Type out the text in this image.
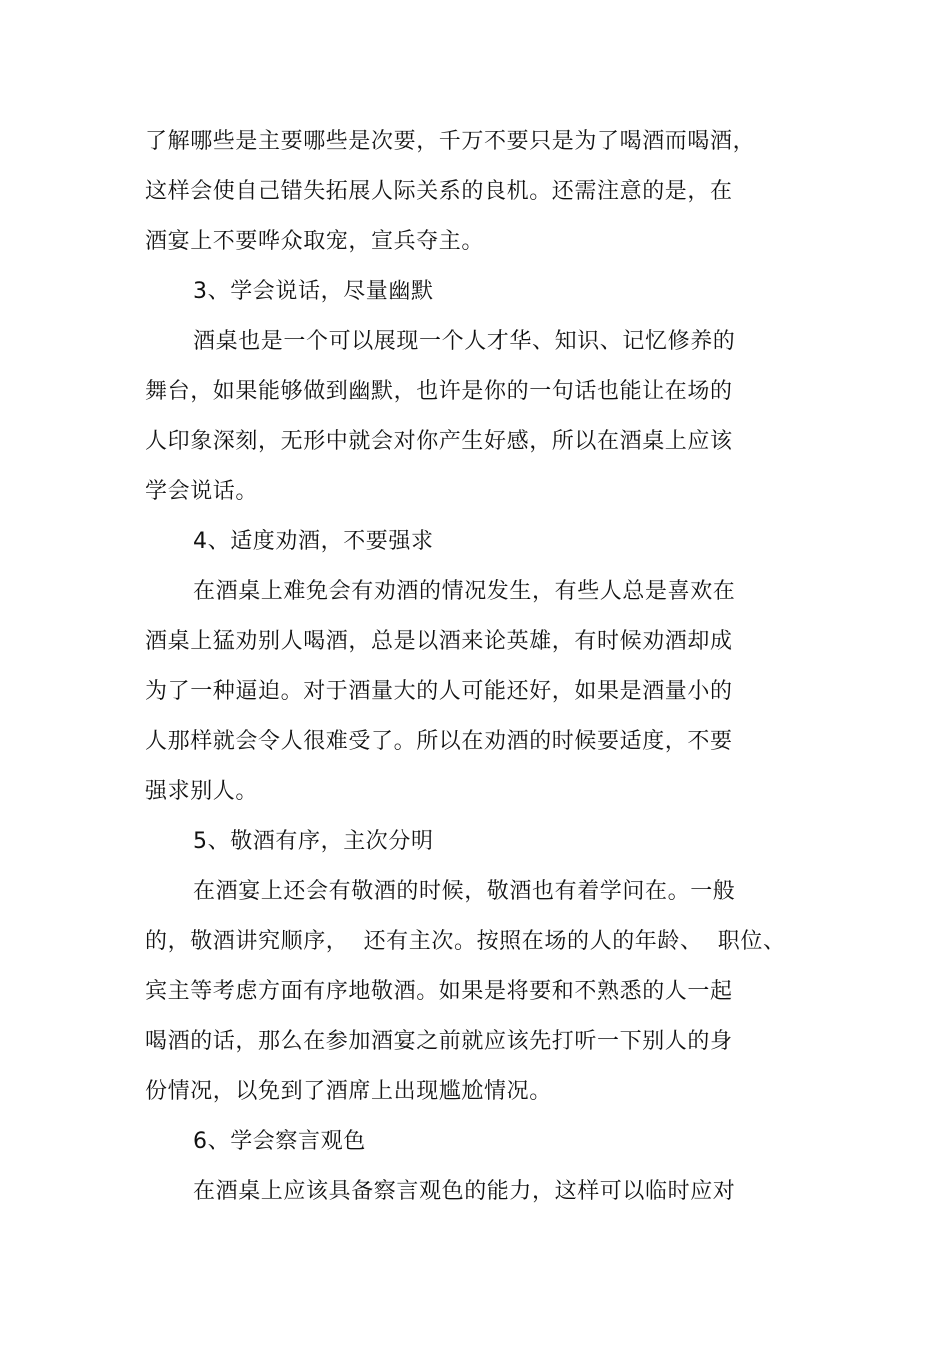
了解哪些是主要哪些是次要，千万不要只是为了喝酒而喝酒，
这样会使自己错失拓展人际关系的良机。还需注意的是，在
酒宴上不要哗众取宠，宣兵夺主。
3、学会说话，尽量幽默
酒桌也是一个可以展现一个人才华、知识、记忆修养的
舞台，如果能够做到幽默，也许是你的一句话也能让在场的
人印象深刻，无形中就会对你产生好感，所以在酒桌上应该
学会说话。
4、适度劝酒，不要强求
在酒桌上难免会有劝酒的情况发生，有些人总是喜欢在
酒桌上猛劝别人喝酒，总是以酒来论英雄，有时候劝酒却成
为了一种逼迫。对于酒量大的人可能还好，如果是酒量小的
人那样就会令人很难受了。所以在劝酒的时候要适度，不要
强求别人。
5、敬酒有序，主次分明
在酒宴上还会有敬酒的时候，敬酒也有着学问在。一般
的，敬酒讲究顺序，  还有主次。按照在场的人的年龄、  职位、
宾主等考虑方面有序地敬酒。如果是将要和不熟悉的人一起
喝酒的话，那么在参加酒宴之前就应该先打听一下别人的身
份情况，以免到了酒席上出现尴尬情况。
6、学会察言观色
在酒桌上应该具备察言观色的能力，这样可以临时应对
